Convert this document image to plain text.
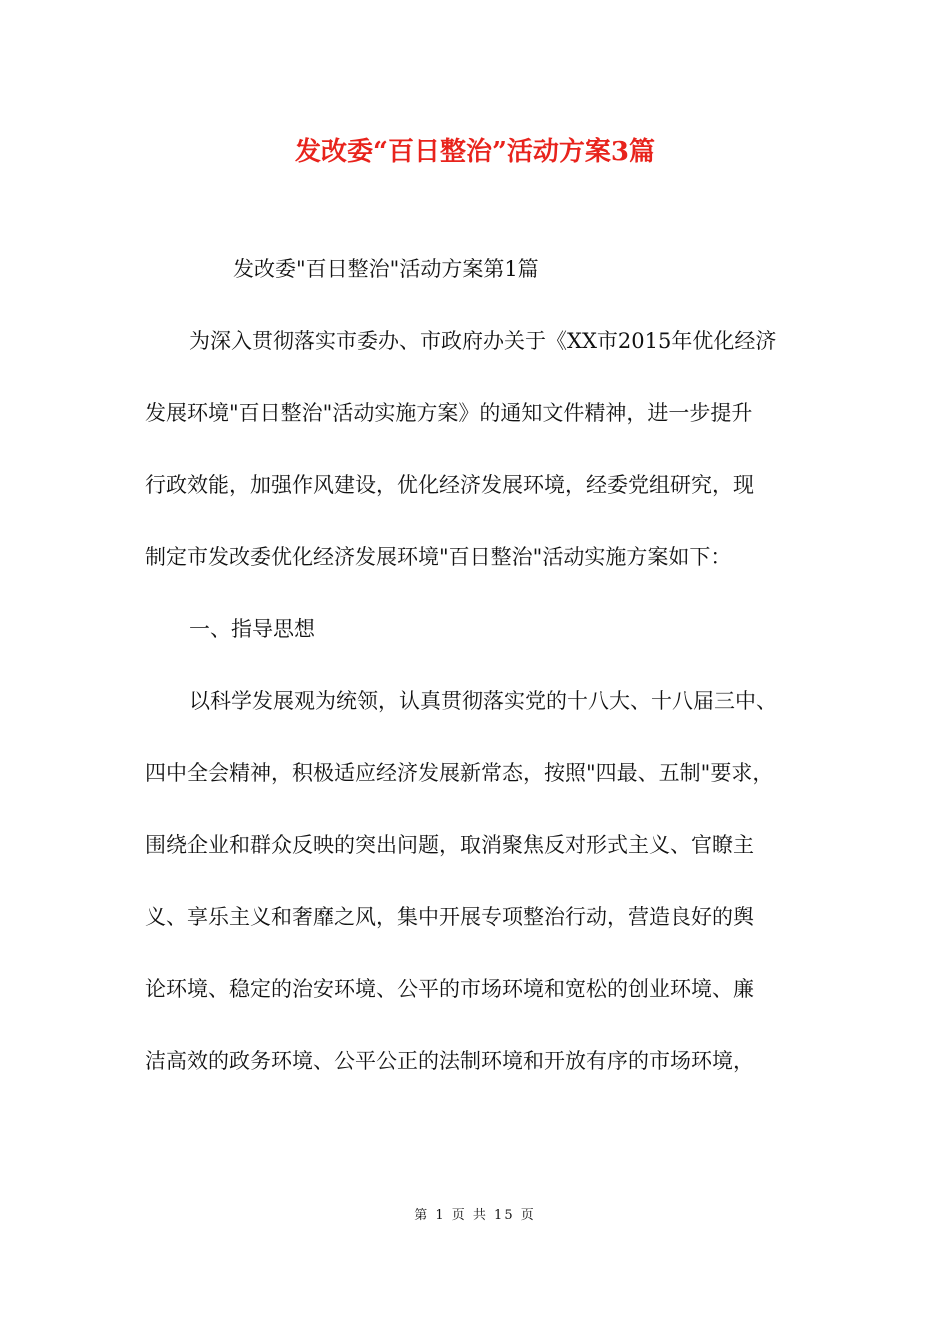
发改委“百日整治”活动方案3篇
发改委"百日整治"活动方案第1篇
为深入贯彻落实市委办、市政府办关于《XX市2015年优化经济
发展环境"百日整治"活动实施方案》的通知文件精神，进一步提升
行政效能，加强作风建设，优化经济发展环境，经委党组研究，现
制定市发改委优化经济发展环境"百日整治"活动实施方案如下：
一、指导思想
以科学发展观为统领，认真贯彻落实党的十八大、十八届三中、
四中全会精神，积极适应经济发展新常态，按照"四最、五制"要求，
围绕企业和群众反映的突出问题，取消聚焦反对形式主义、官瞭主
义、享乐主义和奢靡之风，集中开展专项整治行动，营造良好的舆
论环境、稳定的治安环境、公平的市场环境和宽松的创业环境、廉
洁高效的政务环境、公平公正的法制环境和开放有序的市场环境，
第 1 页 共 15 页
